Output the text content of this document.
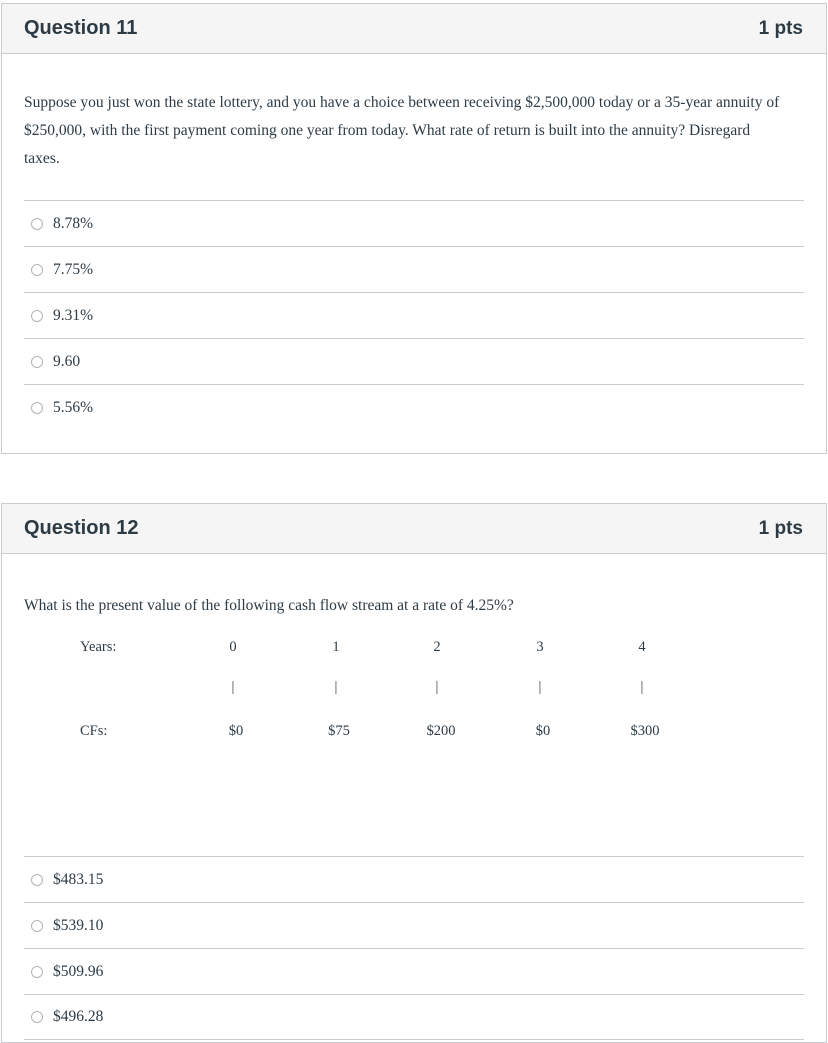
Question 11	1 pts
Suppose you just won the state lottery, and you have a choice between receiving $2,500,000 today or a 35-year annuity of $250,000, with the first payment coming one year from today. What rate of return is built into the annuity? Disregard taxes.
8.78%
7.75%
9.31%
9.60
5.56%
Question 12	1 pts
What is the present value of the following cash flow stream at a rate of 4.25%?
Years:	0	1	2	3	4
|	|	|	|	|
CFs:	$0	$75	$200	$0	$300
$483.15
$539.10
$509.96
$496.28
